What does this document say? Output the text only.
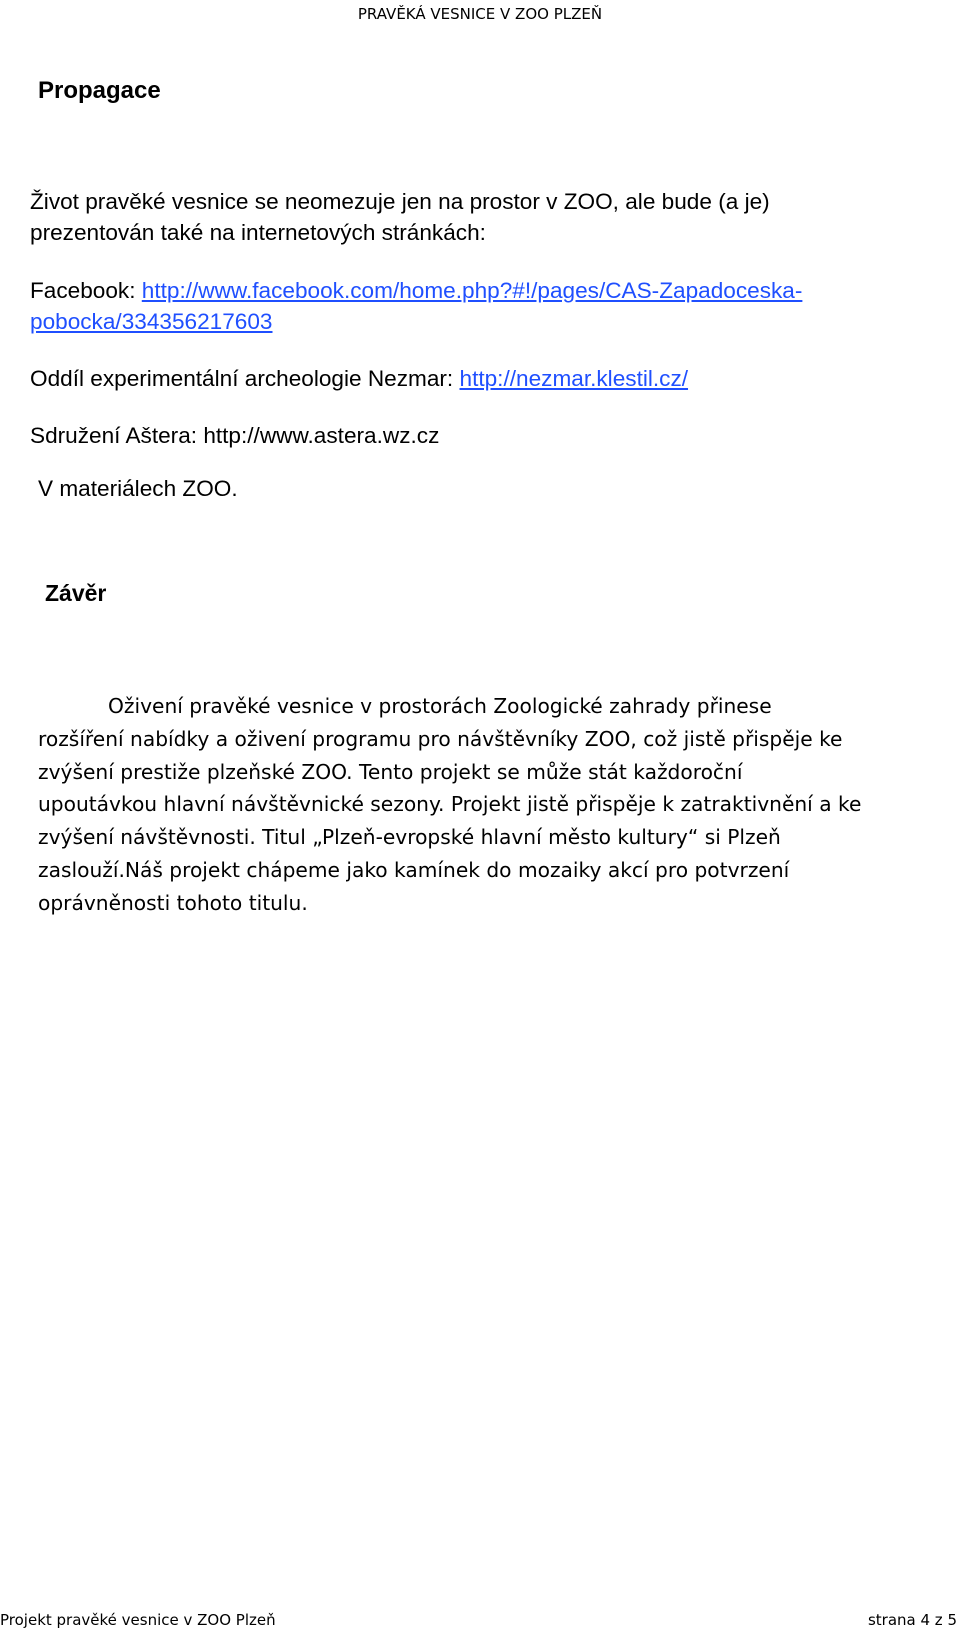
PRAVĚKÁ VESNICE V ZOO PLZEŇ
Propagace
Život pravěké vesnice se neomezuje jen na prostor v ZOO, ale bude (a je)
prezentován také na internetových stránkách:
Facebook: http://www.facebook.com/home.php?#!/pages/CAS-Zapadoceska-
pobocka/334356217603
Oddíl experimentální archeologie Nezmar: http://nezmar.klestil.cz/
Sdružení Aštera: http://www.astera.wz.cz
V materiálech ZOO.
Závěr
Oživení pravěké vesnice v prostorách Zoologické zahrady přinese
rozšíření nabídky a oživení programu pro návštěvníky ZOO, což jistě přispěje ke
zvýšení prestiže plzeňské ZOO. Tento projekt se může stát každoroční
upoutávkou hlavní návštěvnické sezony. Projekt jistě přispěje k zatraktivnění a ke
zvýšení návštěvnosti. Titul „Plzeň-evropské hlavní město kultury“ si Plzeň
zaslouží.Náš projekt chápeme jako kamínek do mozaiky akcí pro potvrzení
oprávněnosti tohoto titulu.
Projekt pravěké vesnice v ZOO Plzeň	strana 4 z 5
